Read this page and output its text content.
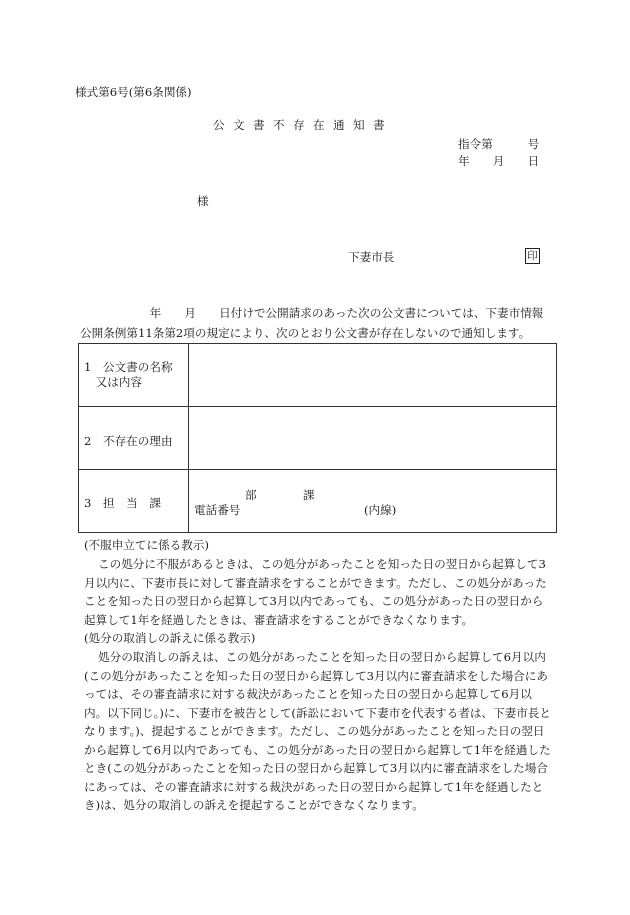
様式第6号(第6条関係)
公文書不存在通知書
指令第　　　号
年　　月　　日
様
下妻市長	印
　　　　　　年　　月　　日付けで公開請求のあった次の公文書については、下妻市情報公開条例第11条第2項の規定により、次のとおり公文書が存在しないので通知します。
1　公文書の名称
　又は内容	

2　不存在の理由	

3　担　当　課	部　　　　課
電話番号 (内線)
(不服申立てに係る教示)
この処分に不服があるときは、この処分があったことを知った日の翌日から起算して3月以内に、下妻市長に対して審査請求をすることができます。ただし、この処分があったことを知った日の翌日から起算して3月以内であっても、この処分があった日の翌日から起算して1年を経過したときは、審査請求をすることができなくなります。
(処分の取消しの訴えに係る教示)
処分の取消しの訴えは、この処分があったことを知った日の翌日から起算して6月以内(この処分があったことを知った日の翌日から起算して3月以内に審査請求をした場合にあっては、その審査請求に対する裁決があったことを知った日の翌日から起算して6月以内。以下同じ。)に、下妻市を被告として(訴訟において下妻市を代表する者は、下妻市長となります。)、提起することができます。ただし、この処分があったことを知った日の翌日から起算して6月以内であっても、この処分があった日の翌日から起算して1年を経過したとき(この処分があったことを知った日の翌日から起算して3月以内に審査請求をした場合にあっては、その審査請求に対する裁決があった日の翌日から起算して1年を経過したとき)は、処分の取消しの訴えを提起することができなくなります。
